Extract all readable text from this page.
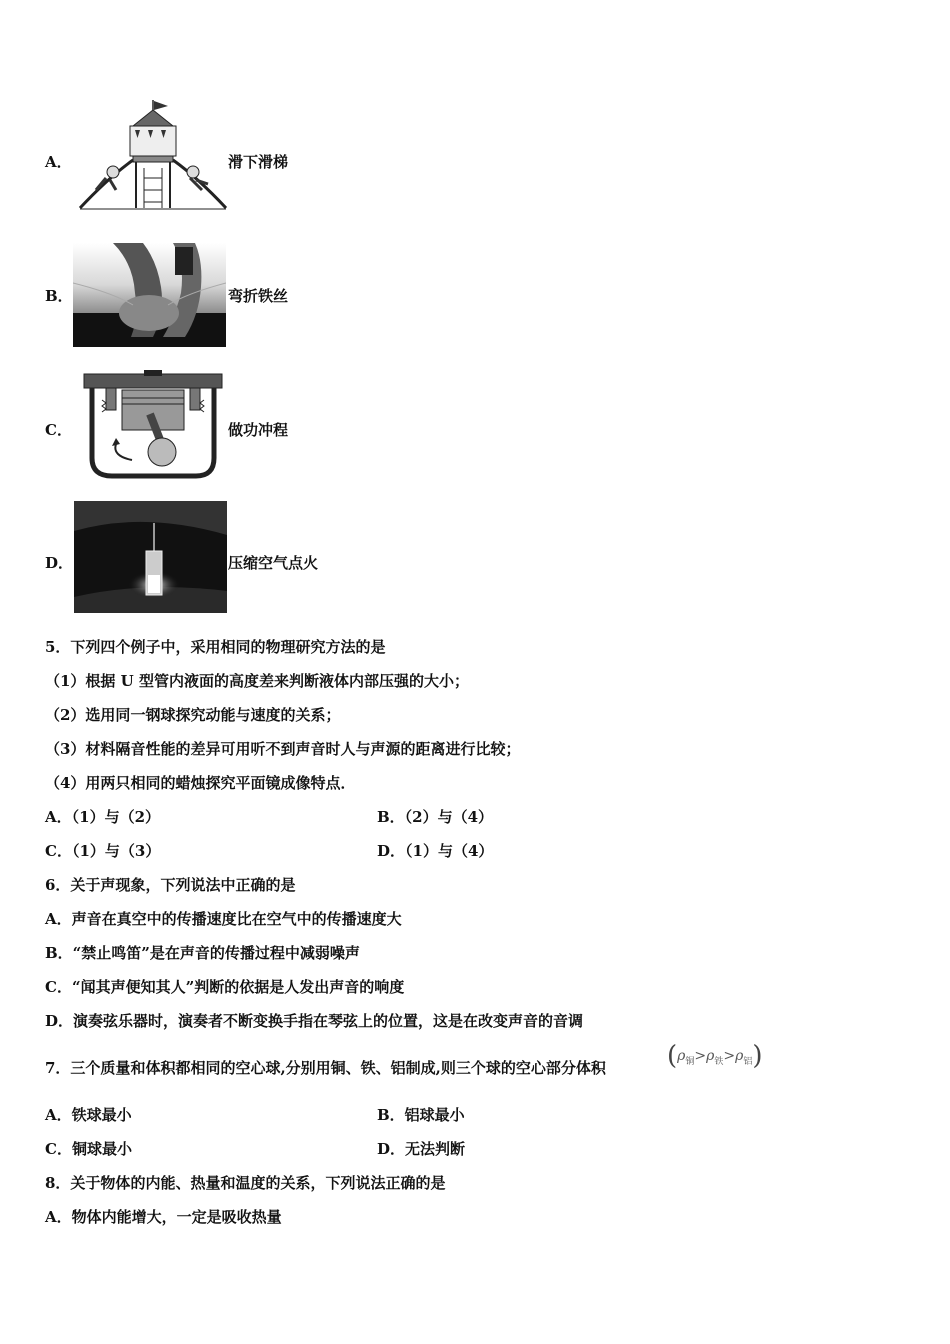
A．	滑下滑梯
B．	弯折铁丝
C．	做功冲程
D．	压缩空气点火
5．下列四个例子中，采用相同的物理研究方法的是
（1）根据 U 型管内液面的高度差来判断液体内部压强的大小；
（2）选用同一钢球探究动能与速度的关系；
（3）材料隔音性能的差异可用听不到声音时人与声源的距离进行比较；
（4）用两只相同的蜡烛探究平面镜成像特点．
A．（1）与（2）	B．（2）与（4）
C．（1）与（3）	D．（1）与（4）
6．关于声现象，下列说法中正确的是
A．声音在真空中的传播速度比在空气中的传播速度大
B．“禁止鸣笛”是在声音的传播过程中减弱噪声
C．“闻其声便知其人”判断的依据是人发出声音的响度
D．演奏弦乐器时，演奏者不断变换手指在琴弦上的位置，这是在改变声音的音调
7．三个质量和体积都相同的空心球,分别用铜、铁、铝制成,则三个球的空心部分体积 $(\rho_铜>\rho_铁>\rho_铝)$
A．铁球最小	B．铝球最小
C．铜球最小	D．无法判断
8．关于物体的内能、热量和温度的关系，下列说法正确的是
A．物体内能增大，一定是吸收热量
